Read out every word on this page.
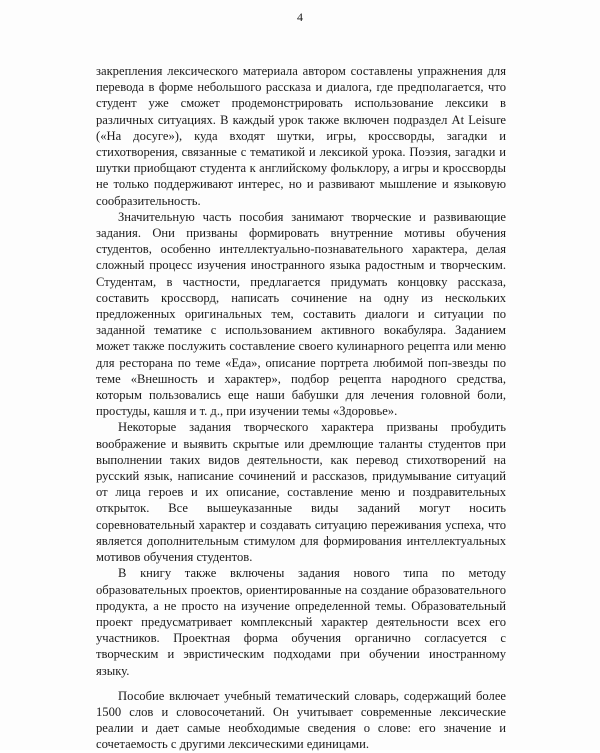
4

закрепления лексического материала автором составлены упражнения для перевода в форме небольшого рассказа и диалога, где предполагается, что студент уже сможет продемонстрировать использование лексики в различных ситуациях. В каждый урок также включен подраздел At Leisure («На досуге»), куда входят шутки, игры, кроссворды, загадки и стихотворения, связанные с тематикой и лексикой урока. Поэзия, загадки и шутки приобщают студента к английскому фольклору, а игры и кроссворды не только поддерживают интерес, но и развивают мышление и языковую сообразительность.

Значительную часть пособия занимают творческие и развивающие задания. Они призваны формировать внутренние мотивы обучения студентов, особенно интеллектуально-познавательного характера, делая сложный процесс изучения иностранного языка радостным и творческим. Студентам, в частности, предлагается придумать концовку рассказа, составить кроссворд, написать сочинение на одну из нескольких предложенных оригинальных тем, составить диалоги и ситуации по заданной тематике с использованием активного вокабуляра. Заданием может также послужить составление своего кулинарного рецепта или меню для ресторана по теме «Еда», описание портрета любимой поп-звезды по теме «Внешность и характер», подбор рецепта народного средства, которым пользовались еще наши бабушки для лечения головной боли, простуды, кашля и т. д., при изучении темы «Здоровье».

Некоторые задания творческого характера призваны пробудить воображение и выявить скрытые или дремлющие таланты студентов при выполнении таких видов деятельности, как перевод стихотворений на русский язык, написание сочинений и рассказов, придумывание ситуаций от лица героев и их описание, составление меню и поздравительных открыток. Все вышеуказанные виды заданий могут носить соревновательный характер и создавать ситуацию переживания успеха, что является дополнительным стимулом для формирования интеллектуальных мотивов обучения студентов.

В книгу также включены задания нового типа по методу образовательных проектов, ориентированные на создание образовательного продукта, а не просто на изучение определенной темы. Образовательный проект предусматривает комплексный характер деятельности всех его участников. Проектная форма обучения органично согласуется с творческим и эвристическим подходами при обучении иностранному языку.

Пособие включает учебный тематический словарь, содержащий более 1500 слов и словосочетаний. Он учитывает современные лексические реалии и дает самые необходимые сведения о слове: его значение и сочетаемость с другими лексическими единицами.
